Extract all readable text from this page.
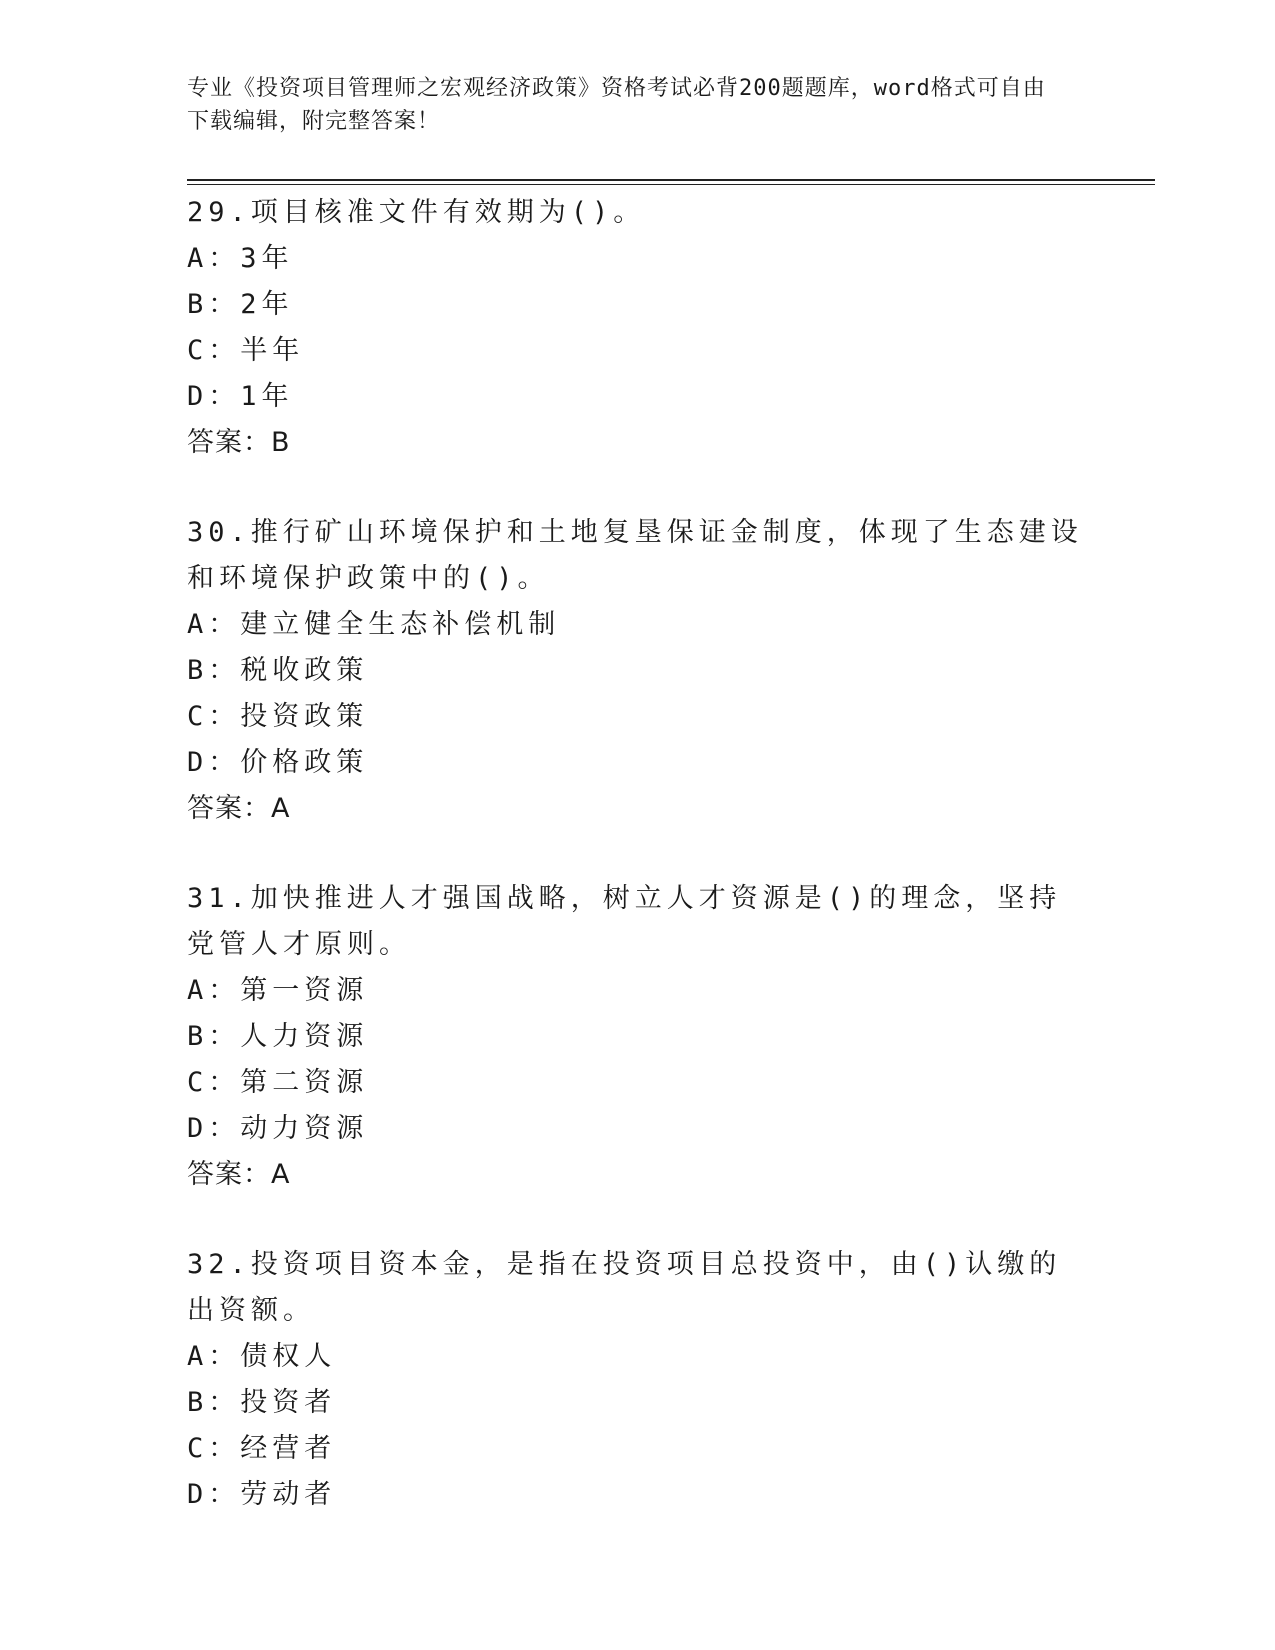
专业《投资项目管理师之宏观经济政策》资格考试必背200题题库，word格式可自由下载编辑，附完整答案！

29.项目核准文件有效期为()。

A：3年

B：2年

C：半年

D：1年

答案：B

30.推行矿山环境保护和土地复垦保证金制度，体现了生态建设和环境保护政策中的()。

A：建立健全生态补偿机制

B：税收政策

C：投资政策

D：价格政策

答案：A

31.加快推进人才强国战略，树立人才资源是()的理念，坚持党管人才原则。

A：第一资源

B：人力资源

C：第二资源

D：动力资源

答案：A

32.投资项目资本金，是指在投资项目总投资中，由()认缴的出资额。

A：债权人

B：投资者

C：经营者

D：劳动者
